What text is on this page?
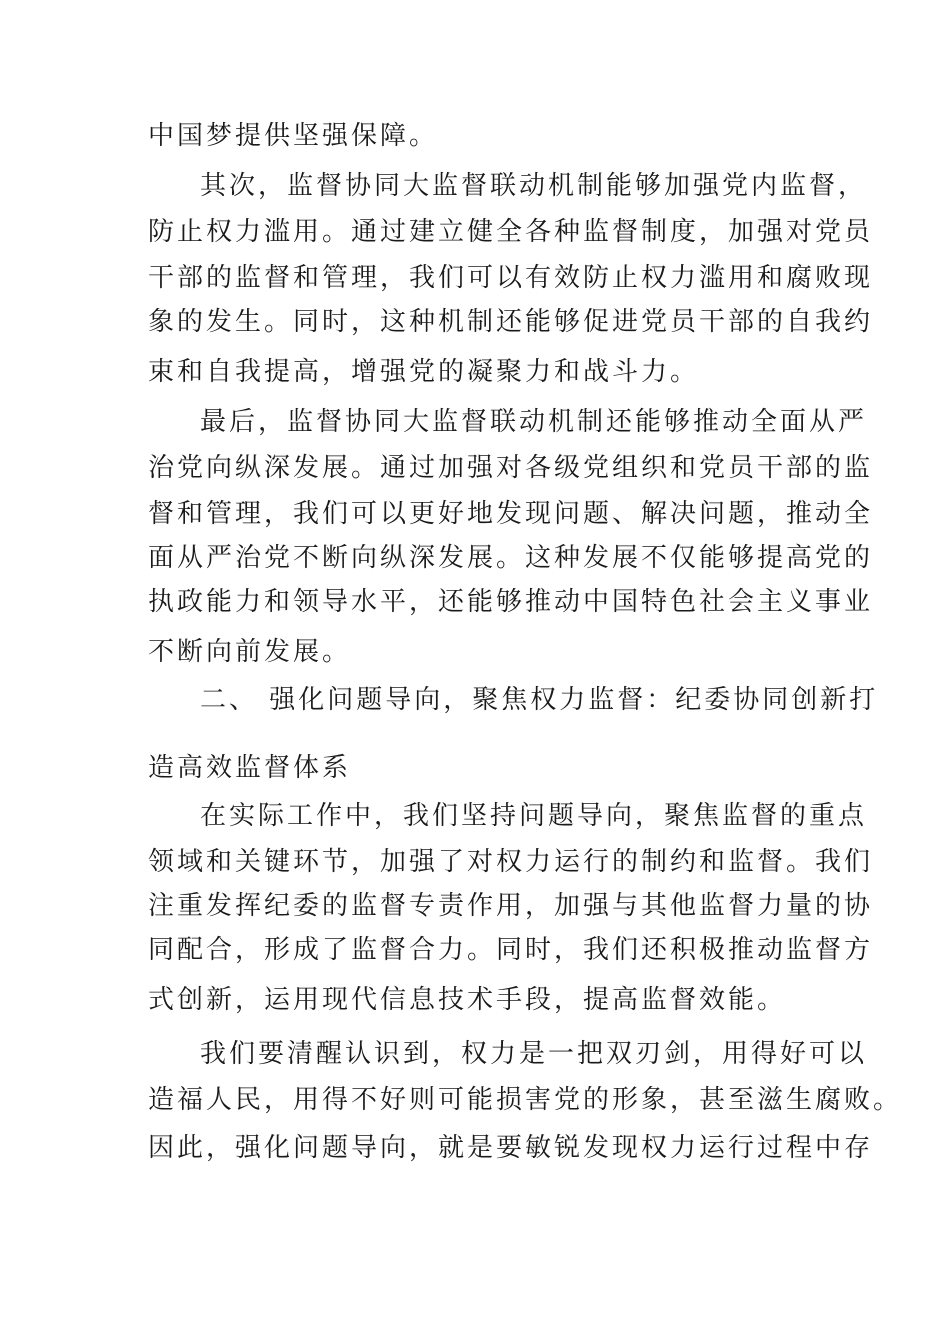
中国梦提供坚强保障。
其次，监督协同大监督联动机制能够加强党内监督，
防止权力滥用。通过建立健全各种监督制度，加强对党员
干部的监督和管理，我们可以有效防止权力滥用和腐败现
象的发生。同时，这种机制还能够促进党员干部的自我约
束和自我提高，增强党的凝聚力和战斗力。
最后，监督协同大监督联动机制还能够推动全面从严
治党向纵深发展。通过加强对各级党组织和党员干部的监
督和管理，我们可以更好地发现问题、解决问题，推动全
面从严治党不断向纵深发展。这种发展不仅能够提高党的
执政能力和领导水平，还能够推动中国特色社会主义事业
不断向前发展。
二、 强化问题导向，聚焦权力监督：纪委协同创新打
造高效监督体系
在实际工作中，我们坚持问题导向，聚焦监督的重点
领域和关键环节，加强了对权力运行的制约和监督。我们
注重发挥纪委的监督专责作用，加强与其他监督力量的协
同配合，形成了监督合力。同时，我们还积极推动监督方
式创新，运用现代信息技术手段，提高监督效能。
我们要清醒认识到，权力是一把双刃剑，用得好可以
造福人民，用得不好则可能损害党的形象，甚至滋生腐败。
因此，强化问题导向，就是要敏锐发现权力运行过程中存
